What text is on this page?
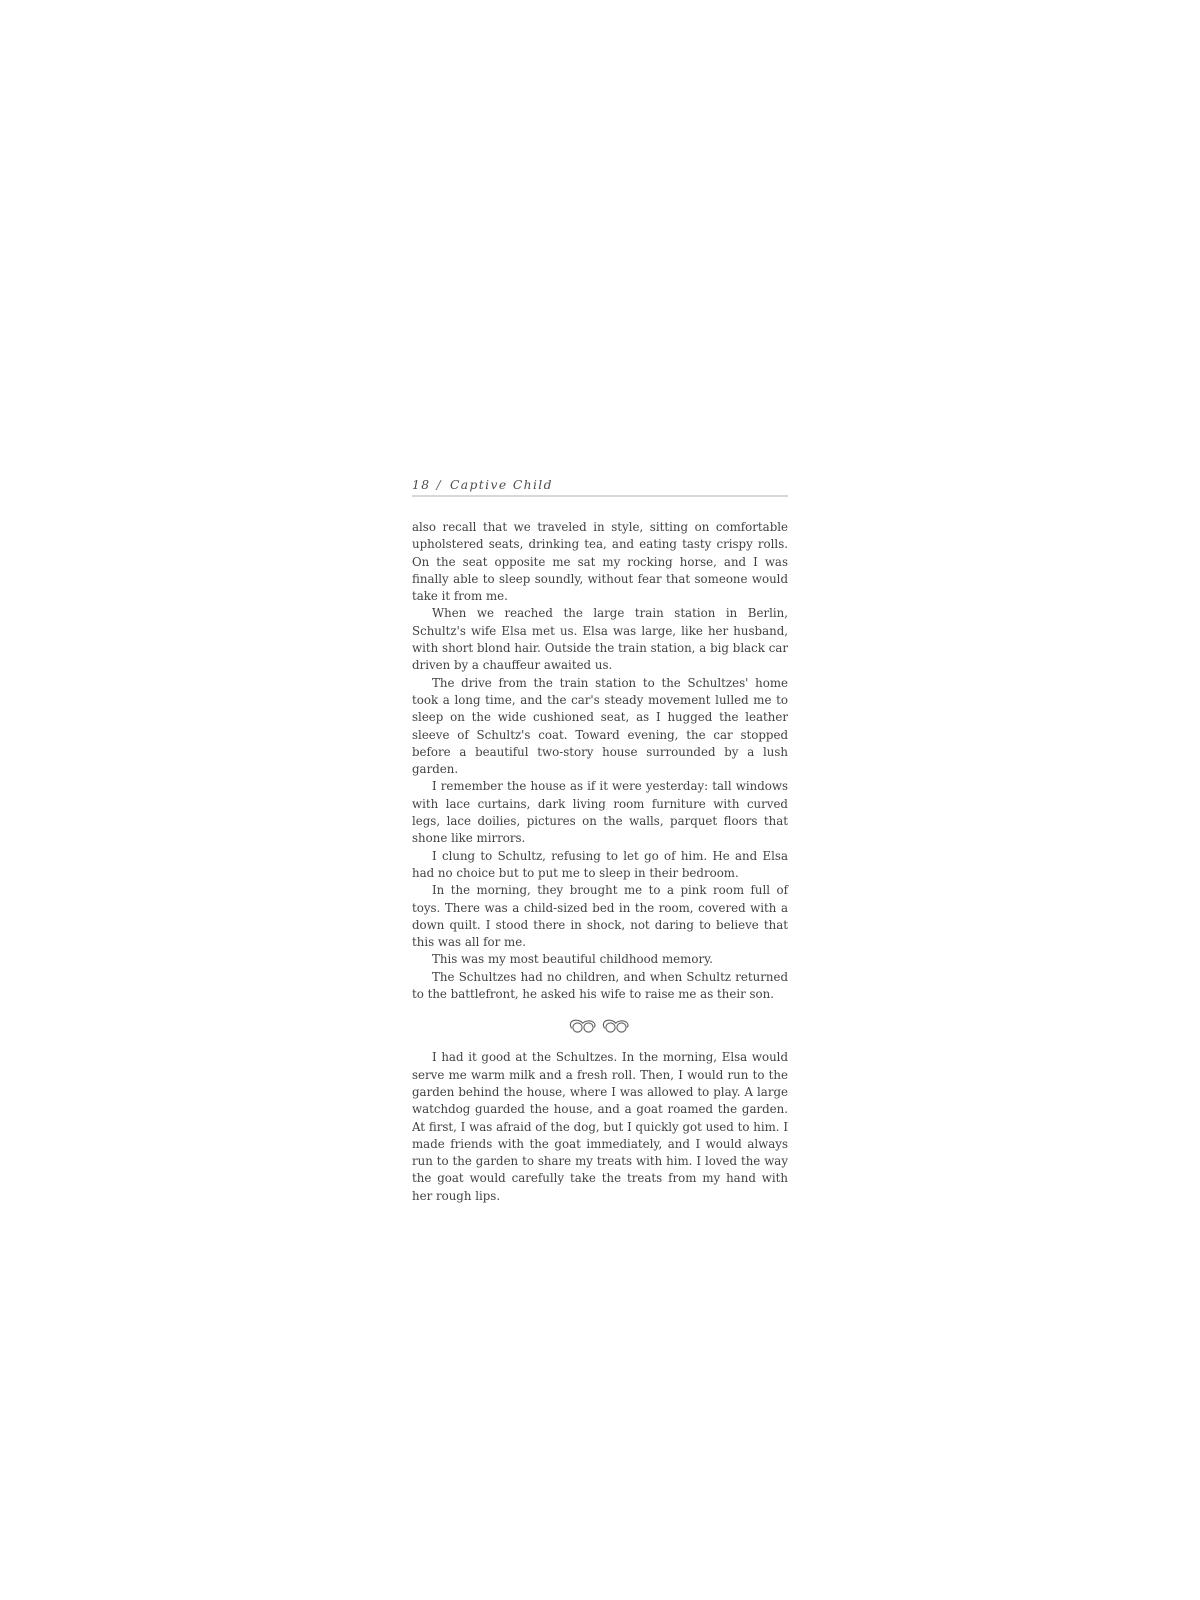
18 / Captive Child

also recall that we traveled in style, sitting on comfortable upholstered seats, drinking tea, and eating tasty crispy rolls. On the seat opposite me sat my rocking horse, and I was finally able to sleep soundly, without fear that someone would take it from me.

When we reached the large train station in Berlin, Schultz's wife Elsa met us. Elsa was large, like her husband, with short blond hair. Outside the train station, a big black car driven by a chauffeur awaited us.

The drive from the train station to the Schultzes' home took a long time, and the car's steady movement lulled me to sleep on the wide cushioned seat, as I hugged the leather sleeve of Schultz's coat. Toward evening, the car stopped before a beautiful two-story house surrounded by a lush garden.

I remember the house as if it were yesterday: tall windows with lace curtains, dark living room furniture with curved legs, lace doilies, pictures on the walls, parquet floors that shone like mirrors.

I clung to Schultz, refusing to let go of him. He and Elsa had no choice but to put me to sleep in their bedroom.

In the morning, they brought me to a pink room full of toys. There was a child-sized bed in the room, covered with a down quilt. I stood there in shock, not daring to believe that this was all for me.

This was my most beautiful childhood memory.

The Schultzes had no children, and when Schultz returned to the battlefront, he asked his wife to raise me as their son.

I had it good at the Schultzes. In the morning, Elsa would serve me warm milk and a fresh roll. Then, I would run to the garden behind the house, where I was allowed to play. A large watchdog guarded the house, and a goat roamed the garden. At first, I was afraid of the dog, but I quickly got used to him. I made friends with the goat immediately, and I would always run to the garden to share my treats with him. I loved the way the goat would carefully take the treats from my hand with her rough lips.
